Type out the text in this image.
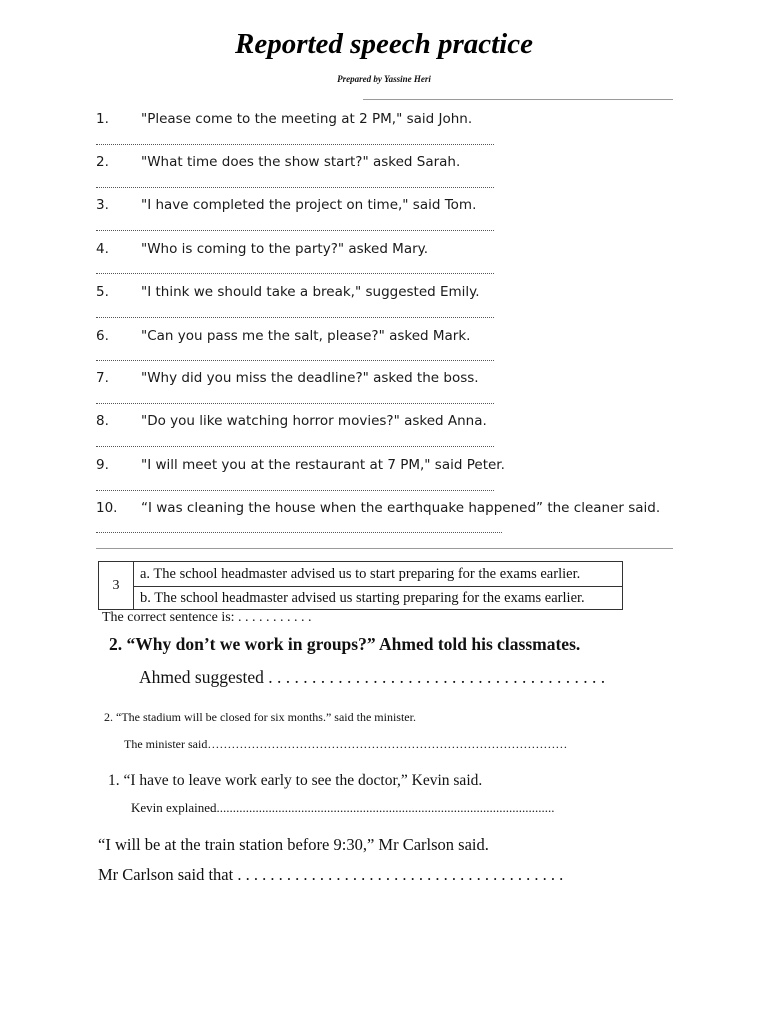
Reported speech practice
Prepared by Yassine Heri
1. "Please come to the meeting at 2 PM," said John.
2. "What time does the show start?" asked Sarah.
3. "I have completed the project on time," said Tom.
4. "Who is coming to the party?" asked Mary.
5. "I think we should take a break," suggested Emily.
6. "Can you pass me the salt, please?" asked Mark.
7. "Why did you miss the deadline?" asked the boss.
8. "Do you like watching horror movies?" asked Anna.
9. "I will meet you at the restaurant at 7 PM," said Peter.
10. “I was cleaning the house when the earthquake happened” the cleaner said.
3
a. The school headmaster advised us to start preparing for the exams earlier.
b. The school headmaster advised us starting preparing for the exams earlier.
The correct sentence is: . . . . . . . . . . .
2. “Why don’t we work in groups?” Ahmed told his classmates.
Ahmed suggested . . . . . . . . . . . . . . . . . . . . . . . . . . . . . . . . . . . . . . .
2. “The stadium will be closed for six months.” said the minister.
The minister said………………………………………………………………………………
1. “I have to leave work early to see the doctor,” Kevin said.
Kevin explained........................................................................................................
“I will be at the train station before 9:30,” Mr Carlson said.
Mr Carlson said that . . . . . . . . . . . . . . . . . . . . . . . . . . . . . . . . . . . . . . . .
